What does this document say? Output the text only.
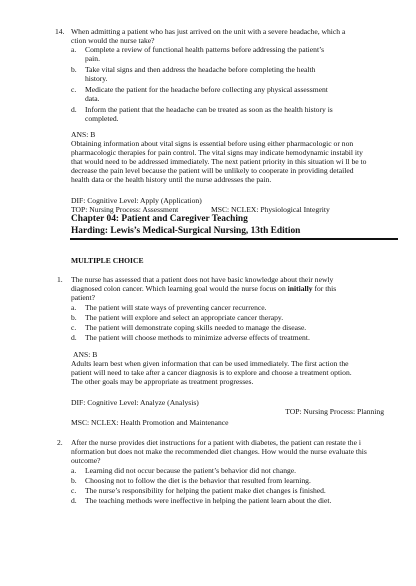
14. When admitting a patient who has just arrived on the unit with a severe headache, which a
ction would the nurse take?
a. Complete a review of functional health patterns before addressing the patient’s
pain.
b. Take vital signs and then address the headache before completing the health
history.
c. Medicate the patient for the headache before collecting any physical assessment
data.
d. Inform the patient that the headache can be treated as soon as the health history is
completed.
ANS: B
Obtaining information about vital signs is essential before using either pharmacologic or non
pharmacologic therapies for pain control. The vital signs may indicate hemodynamic instabil ity
that would need to be addressed immediately. The next patient priority in this situation wi ll be to
decrease the pain level because the patient will be unlikely to cooperate in providing detailed
health data or the health history until the nurse addresses the pain.
DIF: Cognitive Level: Apply (Application)
TOP: Nursing Process: Assessment	MSC: NCLEX: Physiological Integrity
Chapter 04: Patient and Caregiver Teaching
Harding: Lewis’s Medical-Surgical Nursing, 13th Edition
MULTIPLE CHOICE
1. The nurse has assessed that a patient does not have basic knowledge about their newly
diagnosed colon cancer. Which learning goal would the nurse focus on initially for this
patient?
a. The patient will state ways of preventing cancer recurrence.
b. The patient will explore and select an appropriate cancer therapy.
c. The patient will demonstrate coping skills needed to manage the disease.
d. The patient will choose methods to minimize adverse effects of treatment.
ANS: B
Adults learn best when given information that can be used immediately. The first action the
patient will need to take after a cancer diagnosis is to explore and choose a treatment option.
The other goals may be appropriate as treatment progresses.
DIF: Cognitive Level: Analyze (Analysis)
TOP: Nursing Process: Planning
MSC: NCLEX: Health Promotion and Maintenance
2. After the nurse provides diet instructions for a patient with diabetes, the patient can restate the i
nformation but does not make the recommended diet changes. How would the nurse evaluate this
outcome?
a. Learning did not occur because the patient’s behavior did not change.
b. Choosing not to follow the diet is the behavior that resulted from learning.
c. The nurse’s responsibility for helping the patient make diet changes is finished.
d. The teaching methods were ineffective in helping the patient learn about the diet.
